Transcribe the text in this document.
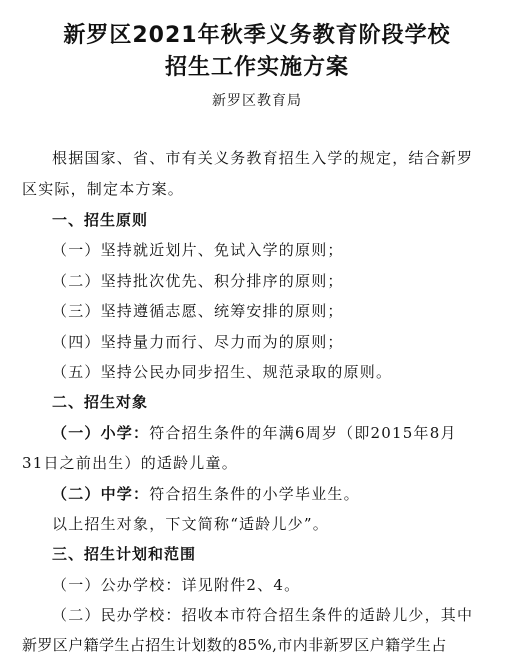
新罗区2021年秋季义务教育阶段学校
招生工作实施方案
新罗区教育局
根据国家、省、市有关义务教育招生入学的规定，结合新罗
区实际，制定本方案。
一、招生原则
（一）坚持就近划片、免试入学的原则；
（二）坚持批次优先、积分排序的原则；
（三）坚持遵循志愿、统筹安排的原则；
（四）坚持量力而行、尽力而为的原则；
（五）坚持公民办同步招生、规范录取的原则。
二、招生对象
（一）小学：符合招生条件的年满6周岁（即2015年8月
31日之前出生）的适龄儿童。
（二）中学：符合招生条件的小学毕业生。
以上招生对象，下文简称“适龄儿少”。
三、招生计划和范围
（一）公办学校：详见附件2、4。
（二）民办学校：招收本市符合招生条件的适龄儿少，其中
新罗区户籍学生占招生计划数的85%,市内非新罗区户籍学生占
